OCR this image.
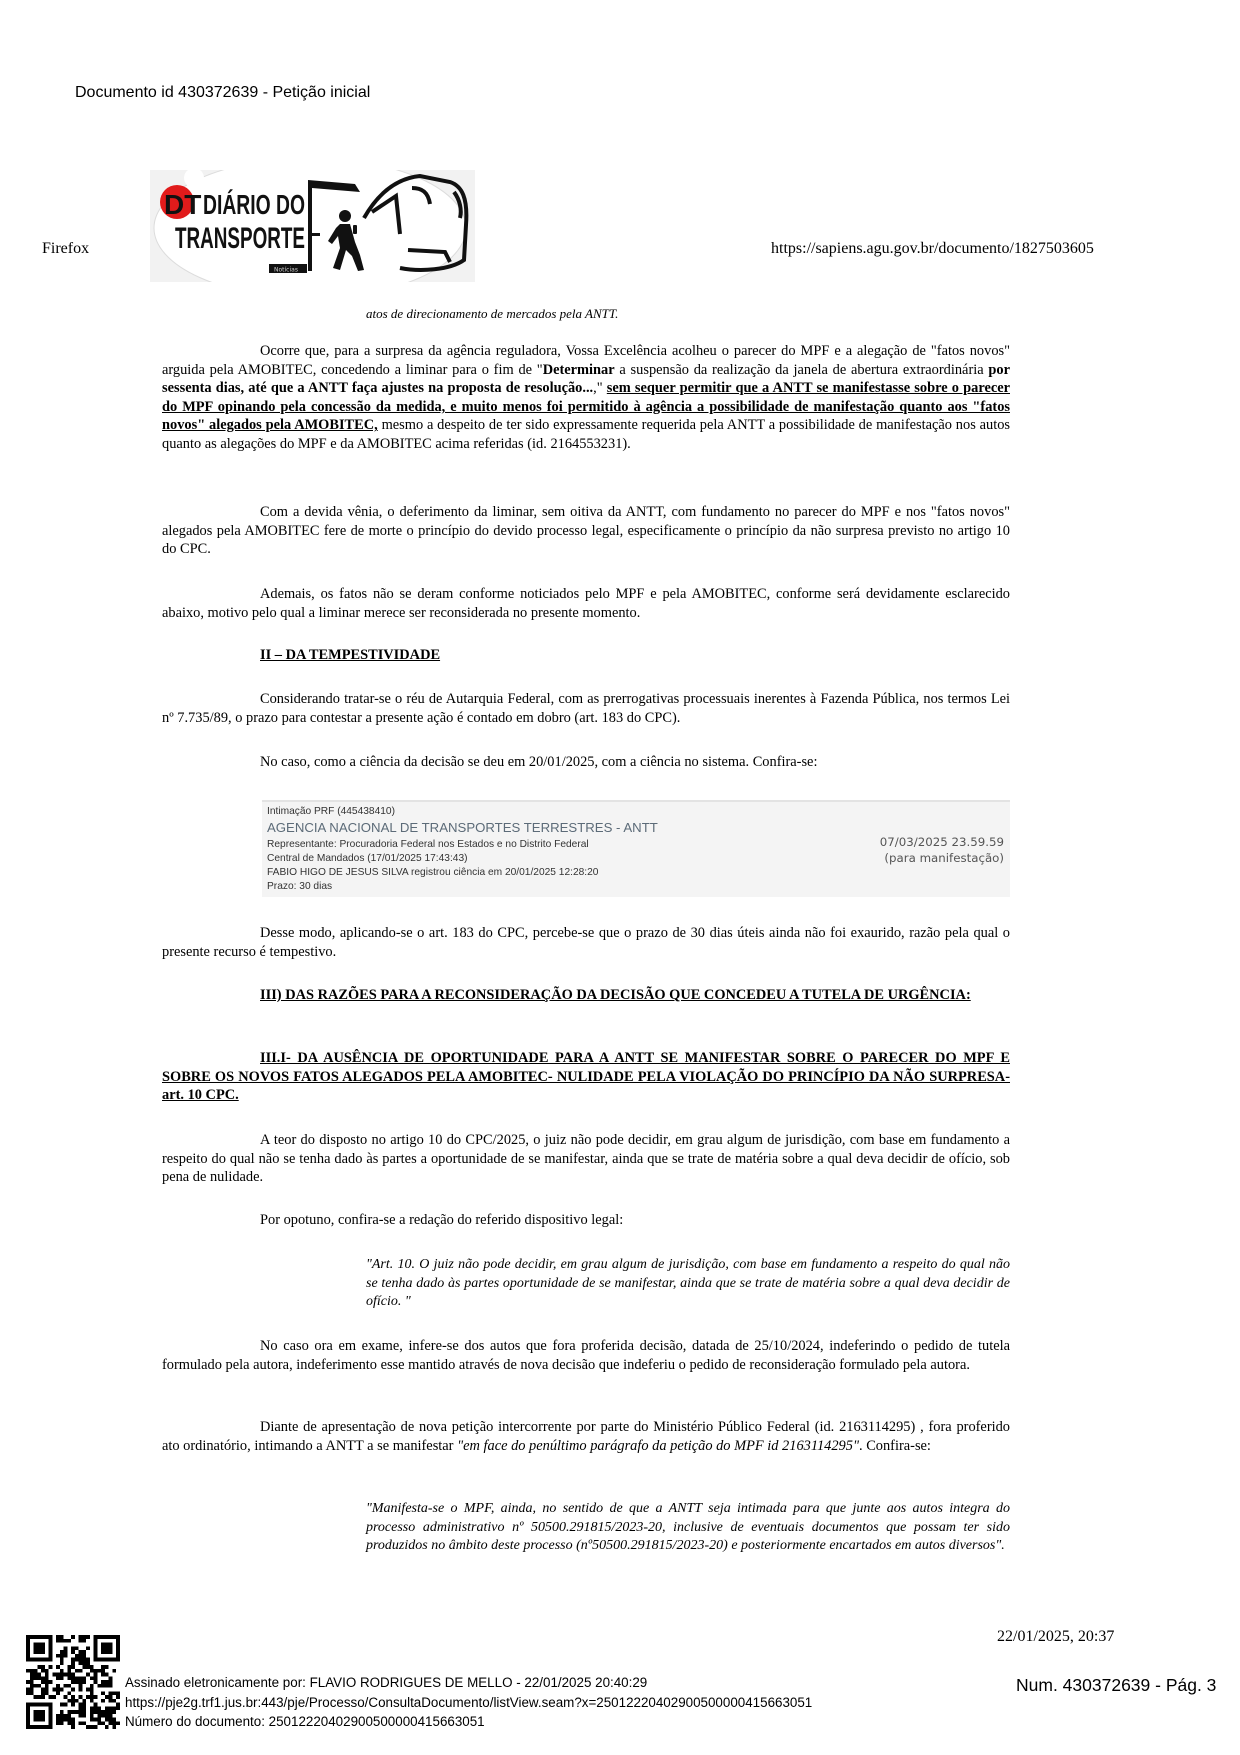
Documento id 430372639 - Petição inicial
Firefox	https://sapiens.agu.gov.br/documento/1827503605
DT DIÁRIO DO
TRANSPORTE
Notícias
atos de direcionamento de mercados pela ANTT.

Ocorre que, para a surpresa da agência reguladora, Vossa Excelência acolheu o parecer do MPF e a alegação de "fatos novos" arguida pela AMOBITEC, concedendo a liminar para o fim de "Determinar a suspensão da realização da janela de abertura extraordinária por sessenta dias, até que a ANTT faça ajustes na proposta de resolução...," sem sequer permitir que a ANTT se manifestasse sobre o parecer do MPF opinando pela concessão da medida, e muito menos foi permitido à agência a possibilidade de manifestação quanto aos "fatos novos" alegados pela AMOBITEC, mesmo a despeito de ter sido expressamente requerida pela ANTT a possibilidade de manifestação nos autos quanto as alegações do MPF e da AMOBITEC acima referidas (id. 2164553231).

Com a devida vênia, o deferimento da liminar, sem oitiva da ANTT, com fundamento no parecer do MPF e nos "fatos novos" alegados pela AMOBITEC fere de morte o princípio do devido processo legal, especificamente o princípio da não surpresa previsto no artigo 10 do CPC.

Ademais, os fatos não se deram conforme noticiados pelo MPF e pela AMOBITEC, conforme será devidamente esclarecido abaixo, motivo pelo qual a liminar merece ser reconsiderada no presente momento.

II – DA TEMPESTIVIDADE

Considerando tratar-se o réu de Autarquia Federal, com as prerrogativas processuais inerentes à Fazenda Pública, nos termos Lei nº 7.735/89, o prazo para contestar a presente ação é contado em dobro (art. 183 do CPC).

No caso, como a ciência da decisão se deu em 20/01/2025, com a ciência no sistema. Confira-se:

Intimação PRF (445438410)
AGENCIA NACIONAL DE TRANSPORTES TERRESTRES - ANTT
Representante: Procuradoria Federal nos Estados e no Distrito Federal
Central de Mandados (17/01/2025 17:43:43)
FABIO HIGO DE JESUS SILVA registrou ciência em 20/01/2025 12:28:20
Prazo: 30 dias
07/03/2025 23.59.59
(para manifestação)

Desse modo, aplicando-se o art. 183 do CPC, percebe-se que o prazo de 30 dias úteis ainda não foi exaurido, razão pela qual o presente recurso é tempestivo.

III) DAS RAZÕES PARA A RECONSIDERAÇÃO DA DECISÃO QUE CONCEDEU A TUTELA DE URGÊNCIA:

III.I- DA AUSÊNCIA DE OPORTUNIDADE PARA A ANTT SE MANIFESTAR SOBRE O PARECER DO MPF E SOBRE OS NOVOS FATOS ALEGADOS PELA AMOBITEC- NULIDADE PELA VIOLAÇÃO DO PRINCÍPIO DA NÃO SURPRESA- art. 10 CPC.

A teor do disposto no artigo 10 do CPC/2025, o juiz não pode decidir, em grau algum de jurisdição, com base em fundamento a respeito do qual não se tenha dado às partes a oportunidade de se manifestar, ainda que se trate de matéria sobre a qual deva decidir de ofício, sob pena de nulidade.

Por opotuno, confira-se a redação do referido dispositivo legal:

"Art. 10. O juiz não pode decidir, em grau algum de jurisdição, com base em fundamento a respeito do qual não se tenha dado às partes oportunidade de se manifestar, ainda que se trate de matéria sobre a qual deva decidir de ofício. "

No caso ora em exame, infere-se dos autos que fora proferida decisão, datada de 25/10/2024, indeferindo o pedido de tutela formulado pela autora, indeferimento esse mantido através de nova decisão que indeferiu o pedido de reconsideração formulado pela autora.

Diante de apresentação de nova petição intercorrente por parte do Ministério Público Federal (id. 2163114295) , fora proferido ato ordinatório, intimando a ANTT a se manifestar "em face do penúltimo parágrafo da petição do MPF id 2163114295". Confira-se:

"Manifesta-se o MPF, ainda, no sentido de que a ANTT seja intimada para que junte aos autos integra do processo administrativo nº 50500.291815/2023-20, inclusive de eventuais documentos que possam ter sido produzidos no âmbito deste processo (nº50500.291815/2023-20) e posteriormente encartados em autos diversos".
22/01/2025, 20:37
Assinado eletronicamente por: FLAVIO RODRIGUES DE MELLO - 22/01/2025 20:40:29
https://pje2g.trf1.jus.br:443/pje/Processo/ConsultaDocumento/listView.seam?x=25012220402900500000415663051
Número do documento: 25012220402900500000415663051
Num. 430372639 - Pág. 3
